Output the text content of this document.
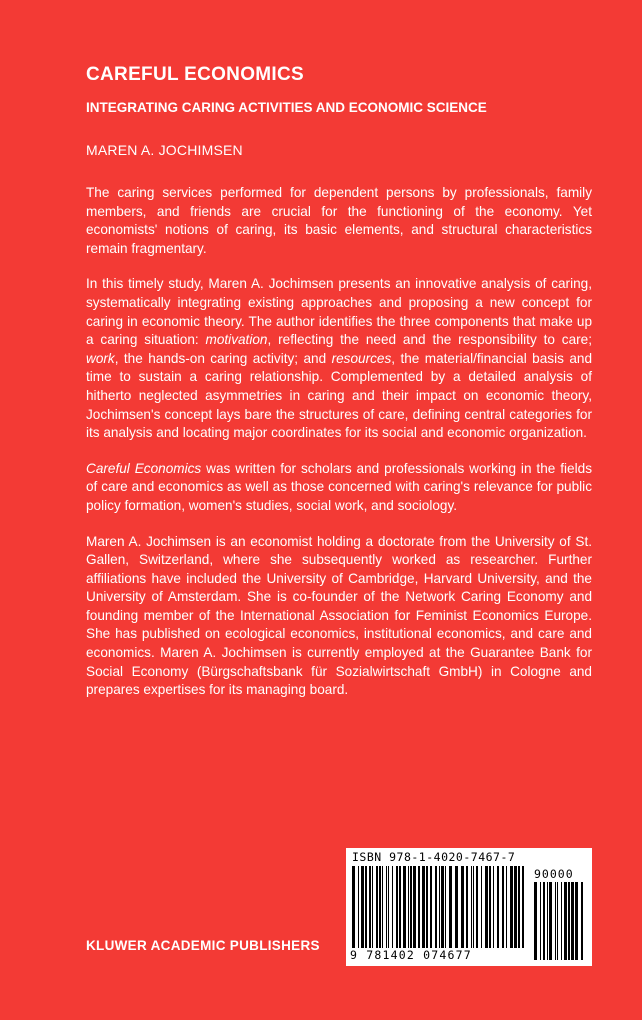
CAREFUL ECONOMICS
INTEGRATING CARING ACTIVITIES AND ECONOMIC SCIENCE
MAREN A. JOCHIMSEN

The caring services performed for dependent persons by professionals, family members, and friends are crucial for the functioning of the economy. Yet economists' notions of caring, its basic elements, and structural characteristics remain fragmentary.

In this timely study, Maren A. Jochimsen presents an innovative analysis of caring, systematically integrating existing approaches and proposing a new concept for caring in economic theory. The author identifies the three components that make up a caring situation: motivation, reflecting the need and the responsibility to care; work, the hands-on caring activity; and resources, the material/financial basis and time to sustain a caring relationship. Complemented by a detailed analysis of hitherto neglected asymmetries in caring and their impact on economic theory, Jochimsen's concept lays bare the structures of care, defining central categories for its analysis and locating major coordinates for its social and economic organization.

Careful Economics was written for scholars and professionals working in the fields of care and economics as well as those concerned with caring's relevance for public policy formation, women's studies, social work, and sociology.

Maren A. Jochimsen is an economist holding a doctorate from the University of St. Gallen, Switzerland, where she subsequently worked as researcher. Further affiliations have included the University of Cambridge, Harvard University, and the University of Amsterdam. She is co-founder of the Network Caring Economy and founding member of the International Association for Feminist Economics Europe. She has published on ecological economics, institutional economics, and care and economics. Maren A. Jochimsen is currently employed at the Guarantee Bank for Social Economy (Bürgschaftsbank für Sozialwirtschaft GmbH) in Cologne and prepares expertises for its managing board.

KLUWER ACADEMIC PUBLISHERS
ISBN 978-1-4020-7467-7
9 781402 074677
90000
